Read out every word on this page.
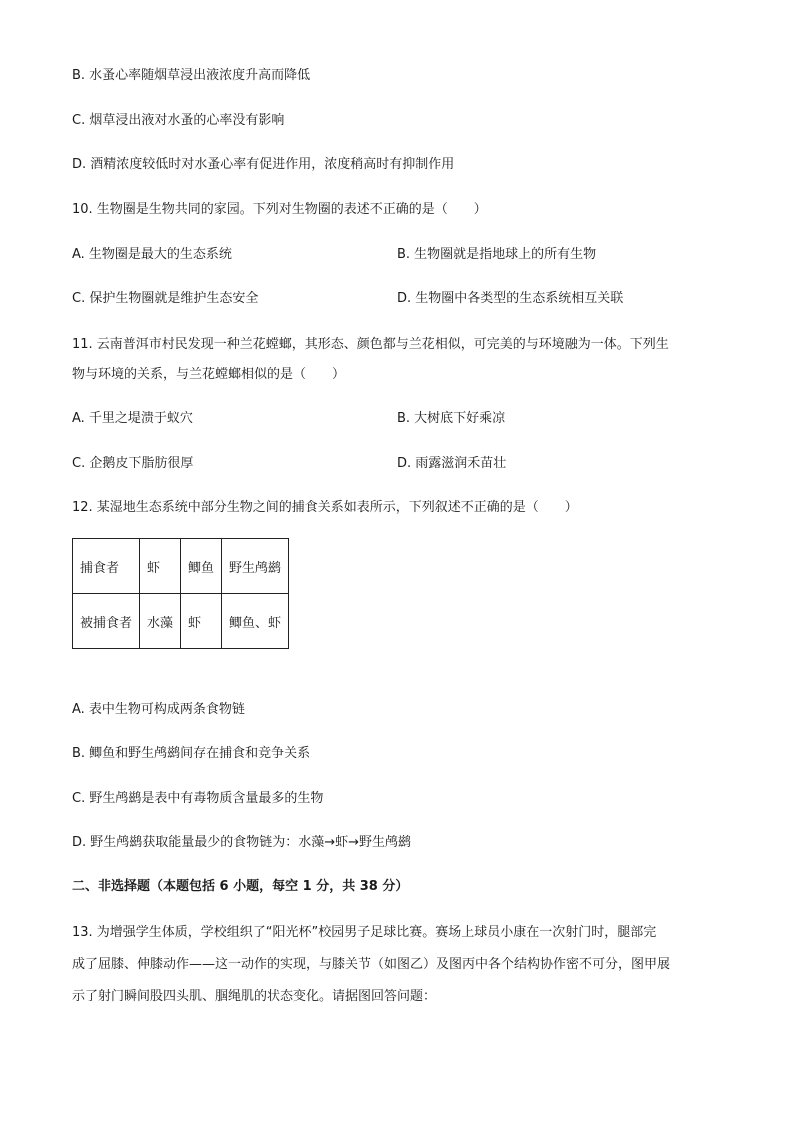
B. 水蚤心率随烟草浸出液浓度升高而降低
C. 烟草浸出液对水蚤的心率没有影响
D. 酒精浓度较低时对水蚤心率有促进作用，浓度稍高时有抑制作用
10. 生物圈是生物共同的家园。下列对生物圈的表述不正确的是（　　）
A. 生物圈是最大的生态系统	B. 生物圈就是指地球上的所有生物
C. 保护生物圈就是维护生态安全	D. 生物圈中各类型的生态系统相互关联
11. 云南普洱市村民发现一种兰花螳螂，其形态、颜色都与兰花相似，可完美的与环境融为一体。下列生
物与环境的关系，与兰花螳螂相似的是（　　）
A. 千里之堤溃于蚁穴	B. 大树底下好乘凉
C. 企鹅皮下脂肪很厚	D. 雨露滋润禾苗壮
12. 某湿地生态系统中部分生物之间的捕食关系如表所示，下列叙述不正确的是（　　）
捕食者	虾	鲫鱼	野生鸬鹚
被捕食者	水藻	虾	鲫鱼、虾
A. 表中生物可构成两条食物链
B. 鲫鱼和野生鸬鹚间存在捕食和竞争关系
C. 野生鸬鹚是表中有毒物质含量最多的生物
D. 野生鸬鹚获取能量最少的食物链为：水藻→虾→野生鸬鹚
二、非选择题（本题包括 6 小题，每空 1 分，共 38 分）
13. 为增强学生体质，学校组织了“阳光杯”校园男子足球比赛。赛场上球员小康在一次射门时，腿部完
成了屈膝、伸膝动作——这一动作的实现，与膝关节（如图乙）及图丙中各个结构协作密不可分，图甲展
示了射门瞬间股四头肌、腘绳肌的状态变化。请据图回答问题：
